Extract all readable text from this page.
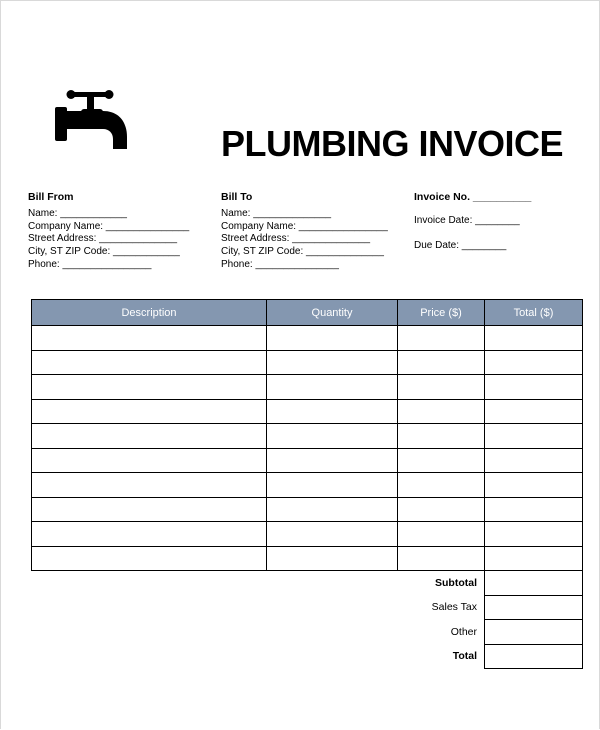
PLUMBING INVOICE
Bill From
Name: ____________
Company Name: _______________
Street Address: ______________
City, ST ZIP Code: ____________
Phone: ________________
Bill To
Name: ______________
Company Name: ________________
Street Address: ______________
City, ST ZIP Code: ______________
Phone: _______________
Invoice No. __________
Invoice Date: ________
Due Date: ________
Description	Quantity	Price ($)	Total ($)

	Subtotal		
	Sales Tax		
	Other		
	Total		
